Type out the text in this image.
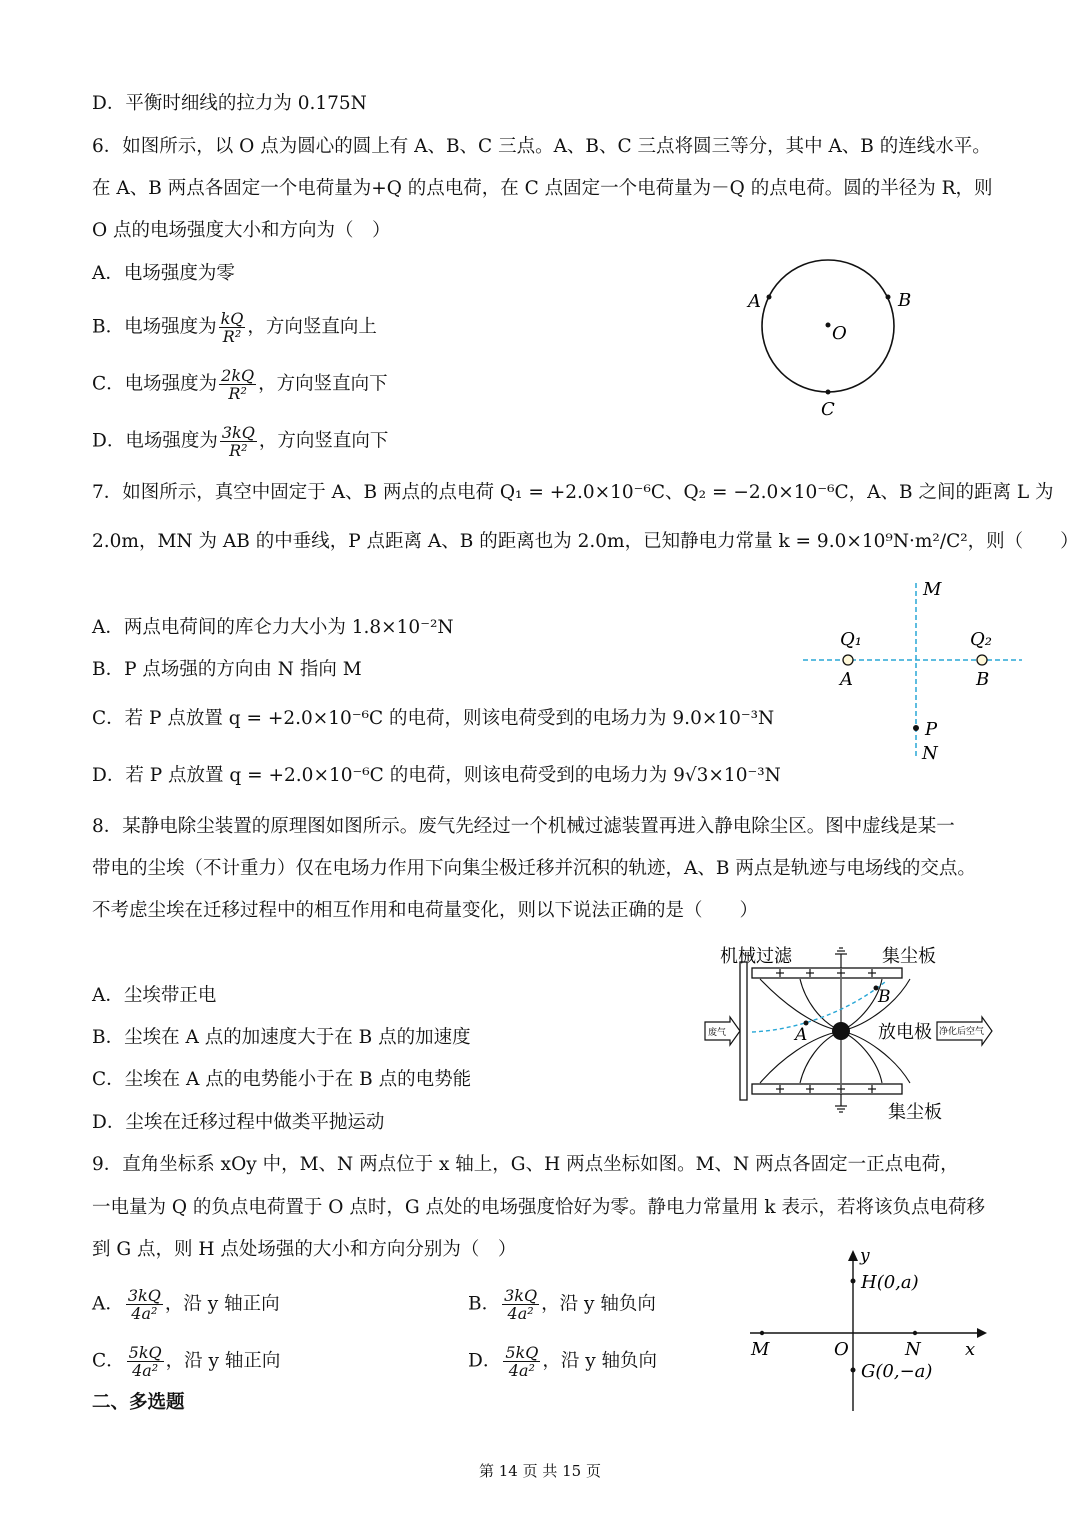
D．平衡时细线的拉力为 0.175N
6．如图所示，以 O 点为圆心的圆上有 A、B、C 三点。A、B、C 三点将圆三等分，其中 A、B 的连线水平。
在 A、B 两点各固定一个电荷量为+Q 的点电荷，在 C 点固定一个电荷量为－Q 的点电荷。圆的半径为 R，则
O 点的电场强度大小和方向为（　）
A．电场强度为零
B．电场强度为 $\frac{kQ}{\text{R²}}$ ，方向竖直向上
C．电场强度为 $\frac{2kQ}{\text{R²}}$ ，方向竖直向下
D．电场强度为 $\frac{3kQ}{\text{R²}}$ ，方向竖直向下
A	B
O
C
7．如图所示，真空中固定于 A、B 两点的点电荷 Q₁ = +2.0×10⁻⁶C、Q₂ = −2.0×10⁻⁶C，A、B 之间的距离 L 为
2.0m，MN 为 AB 的中垂线，P 点距离 A、B 的距离也为 2.0m，已知静电力常量 k = 9.0×10⁹N·m²/C²，则（　　）
A．两点电荷间的库仑力大小为 1.8×10⁻²N
B．P 点场强的方向由 N 指向 M
C．若 P 点放置 q = +2.0×10⁻⁶C 的电荷，则该电荷受到的电场力为 9.0×10⁻³N
D．若 P 点放置 q = +2.0×10⁻⁶C 的电荷，则该电荷受到的电场力为 9√3×10⁻³N
M
Q₁	Q₂
A	B
P
N
8．某静电除尘装置的原理图如图所示。废气先经过一个机械过滤装置再进入静电除尘区。图中虚线是某一
带电的尘埃（不计重力）仅在电场力作用下向集尘极迁移并沉积的轨迹，A、B 两点是轨迹与电场线的交点。
不考虑尘埃在迁移过程中的相互作用和电荷量变化，则以下说法正确的是（　　）
A．尘埃带正电
B．尘埃在 A 点的加速度大于在 B 点的加速度
C．尘埃在 A 点的电势能小于在 B 点的电势能
D．尘埃在迁移过程中做类平抛运动
机械过滤	集尘板
集尘板
A
B
放电极
废气	净化后空气
9．直角坐标系 xOy 中，M、N 两点位于 x 轴上，G、H 两点坐标如图。M、N 两点各固定一正点电荷，
一电量为 Q 的负点电荷置于 O 点时，G 点处的电场强度恰好为零。静电力常量用 k 表示，若将该负点电荷移
到 G 点，则 H 点处场强的大小和方向分别为（　）
A． $\frac{3kQ}{\text{4a²}}$ ，沿 y 轴正向	B． $\frac{3kQ}{\text{4a²}}$ ，沿 y 轴负向
C． $\frac{5kQ}{\text{4a²}}$ ，沿 y 轴正向	D． $\frac{5kQ}{\text{4a²}}$ ，沿 y 轴负向
y
H(0,a)
M	O	N x
G(0,−a)
二、多选题
第 14 页 共 15 页
